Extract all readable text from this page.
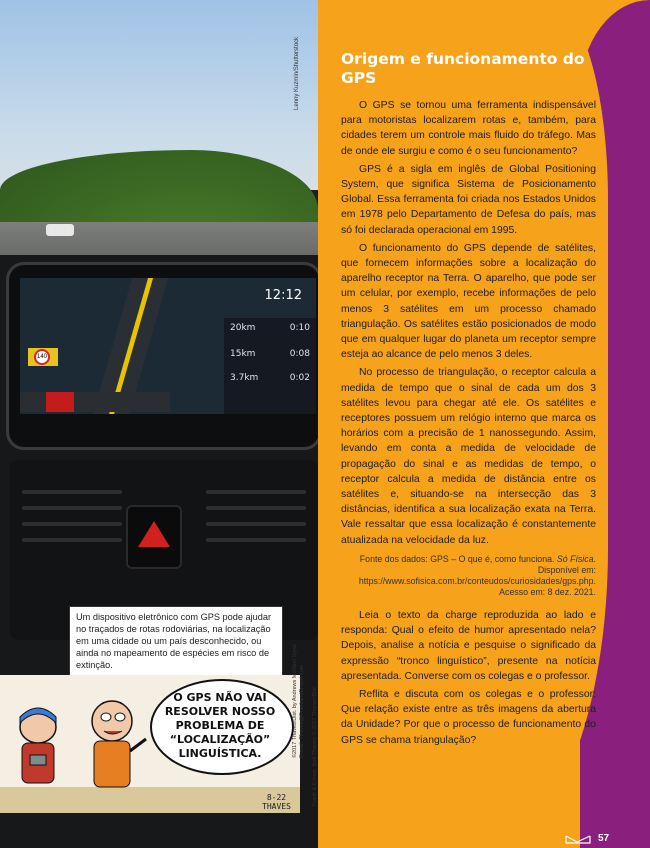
12:12
140
20km	0:10
15km	0:08
3.7km	0:02
Lenny Kuzmin/Shutterstock
Um dispositivo eletrônico com GPS pode ajudar no traçados de rotas rodoviárias, na localização em uma cidade ou um país desconhecido, ou ainda no mapeamento de espécies em risco de extinção.
O GPS NÃO VAI
RESOLVER NOSSO
PROBLEMA DE
“LOCALIZAÇÃO”
LINGUÍSTICA.
8-22
THAVES
©2017 Thaves/Dist. by Andrews McMeel Synd. E-mail: Thaves@FrankandErnest.com Frank & Ernest, Bob Thaves © 2017 Thaves/Dist.
Origem e funcionamento do GPS

O GPS se tornou uma ferramenta indispensável para motoristas localizarem rotas e, também, para cidades terem um controle mais fluido do tráfego. Mas de onde ele surgiu e como é o seu funcionamento?

GPS é a sigla em inglês de Global Positioning System, que significa Sistema de Posicionamento Global. Essa ferramenta foi criada nos Estados Unidos em 1978 pelo Departamento de Defesa do país, mas só foi declarada operacional em 1995.

O funcionamento do GPS depende de satélites, que fornecem informações sobre a localização do aparelho receptor na Terra. O aparelho, que pode ser um celular, por exemplo, recebe informações de pelo menos 3 satélites em um processo chamado triangulação. Os satélites estão posicionados de modo que em qualquer lugar do planeta um receptor sempre esteja ao alcance de pelo menos 3 deles.

No processo de triangulação, o receptor calcula a medida de tempo que o sinal de cada um dos 3 satélites levou para chegar até ele. Os satélites e receptores possuem um relógio interno que marca os horários com a precisão de 1 nanossegundo. Assim, levando em conta a medida de velocidade de propagação do sinal e as medidas de tempo, o receptor calcula a medida de distância entre os satélites e, situando-se na intersecção das 3 distâncias, identifica a sua localização exata na Terra. Vale ressaltar que essa localização é constantemente atualizada na velocidade da luz.

Fonte dos dados: GPS – O que é, como funciona. Só Física. Disponível em: https://www.sofisica.com.br/conteudos/curiosidades/gps.php. Acesso em: 8 dez. 2021.

Leia o texto da charge reproduzida ao lado e responda: Qual o efeito de humor apresentado nela? Depois, analise a notícia e pesquise o significado da expressão “tronco linguístico”, presente na notícia apresentada. Converse com os colegas e o professor.

Reflita e discuta com os colegas e o professor: Que relação existe entre as três imagens da abertura da Unidade? Por que o processo de funcionamento do GPS se chama triangulação?

57
